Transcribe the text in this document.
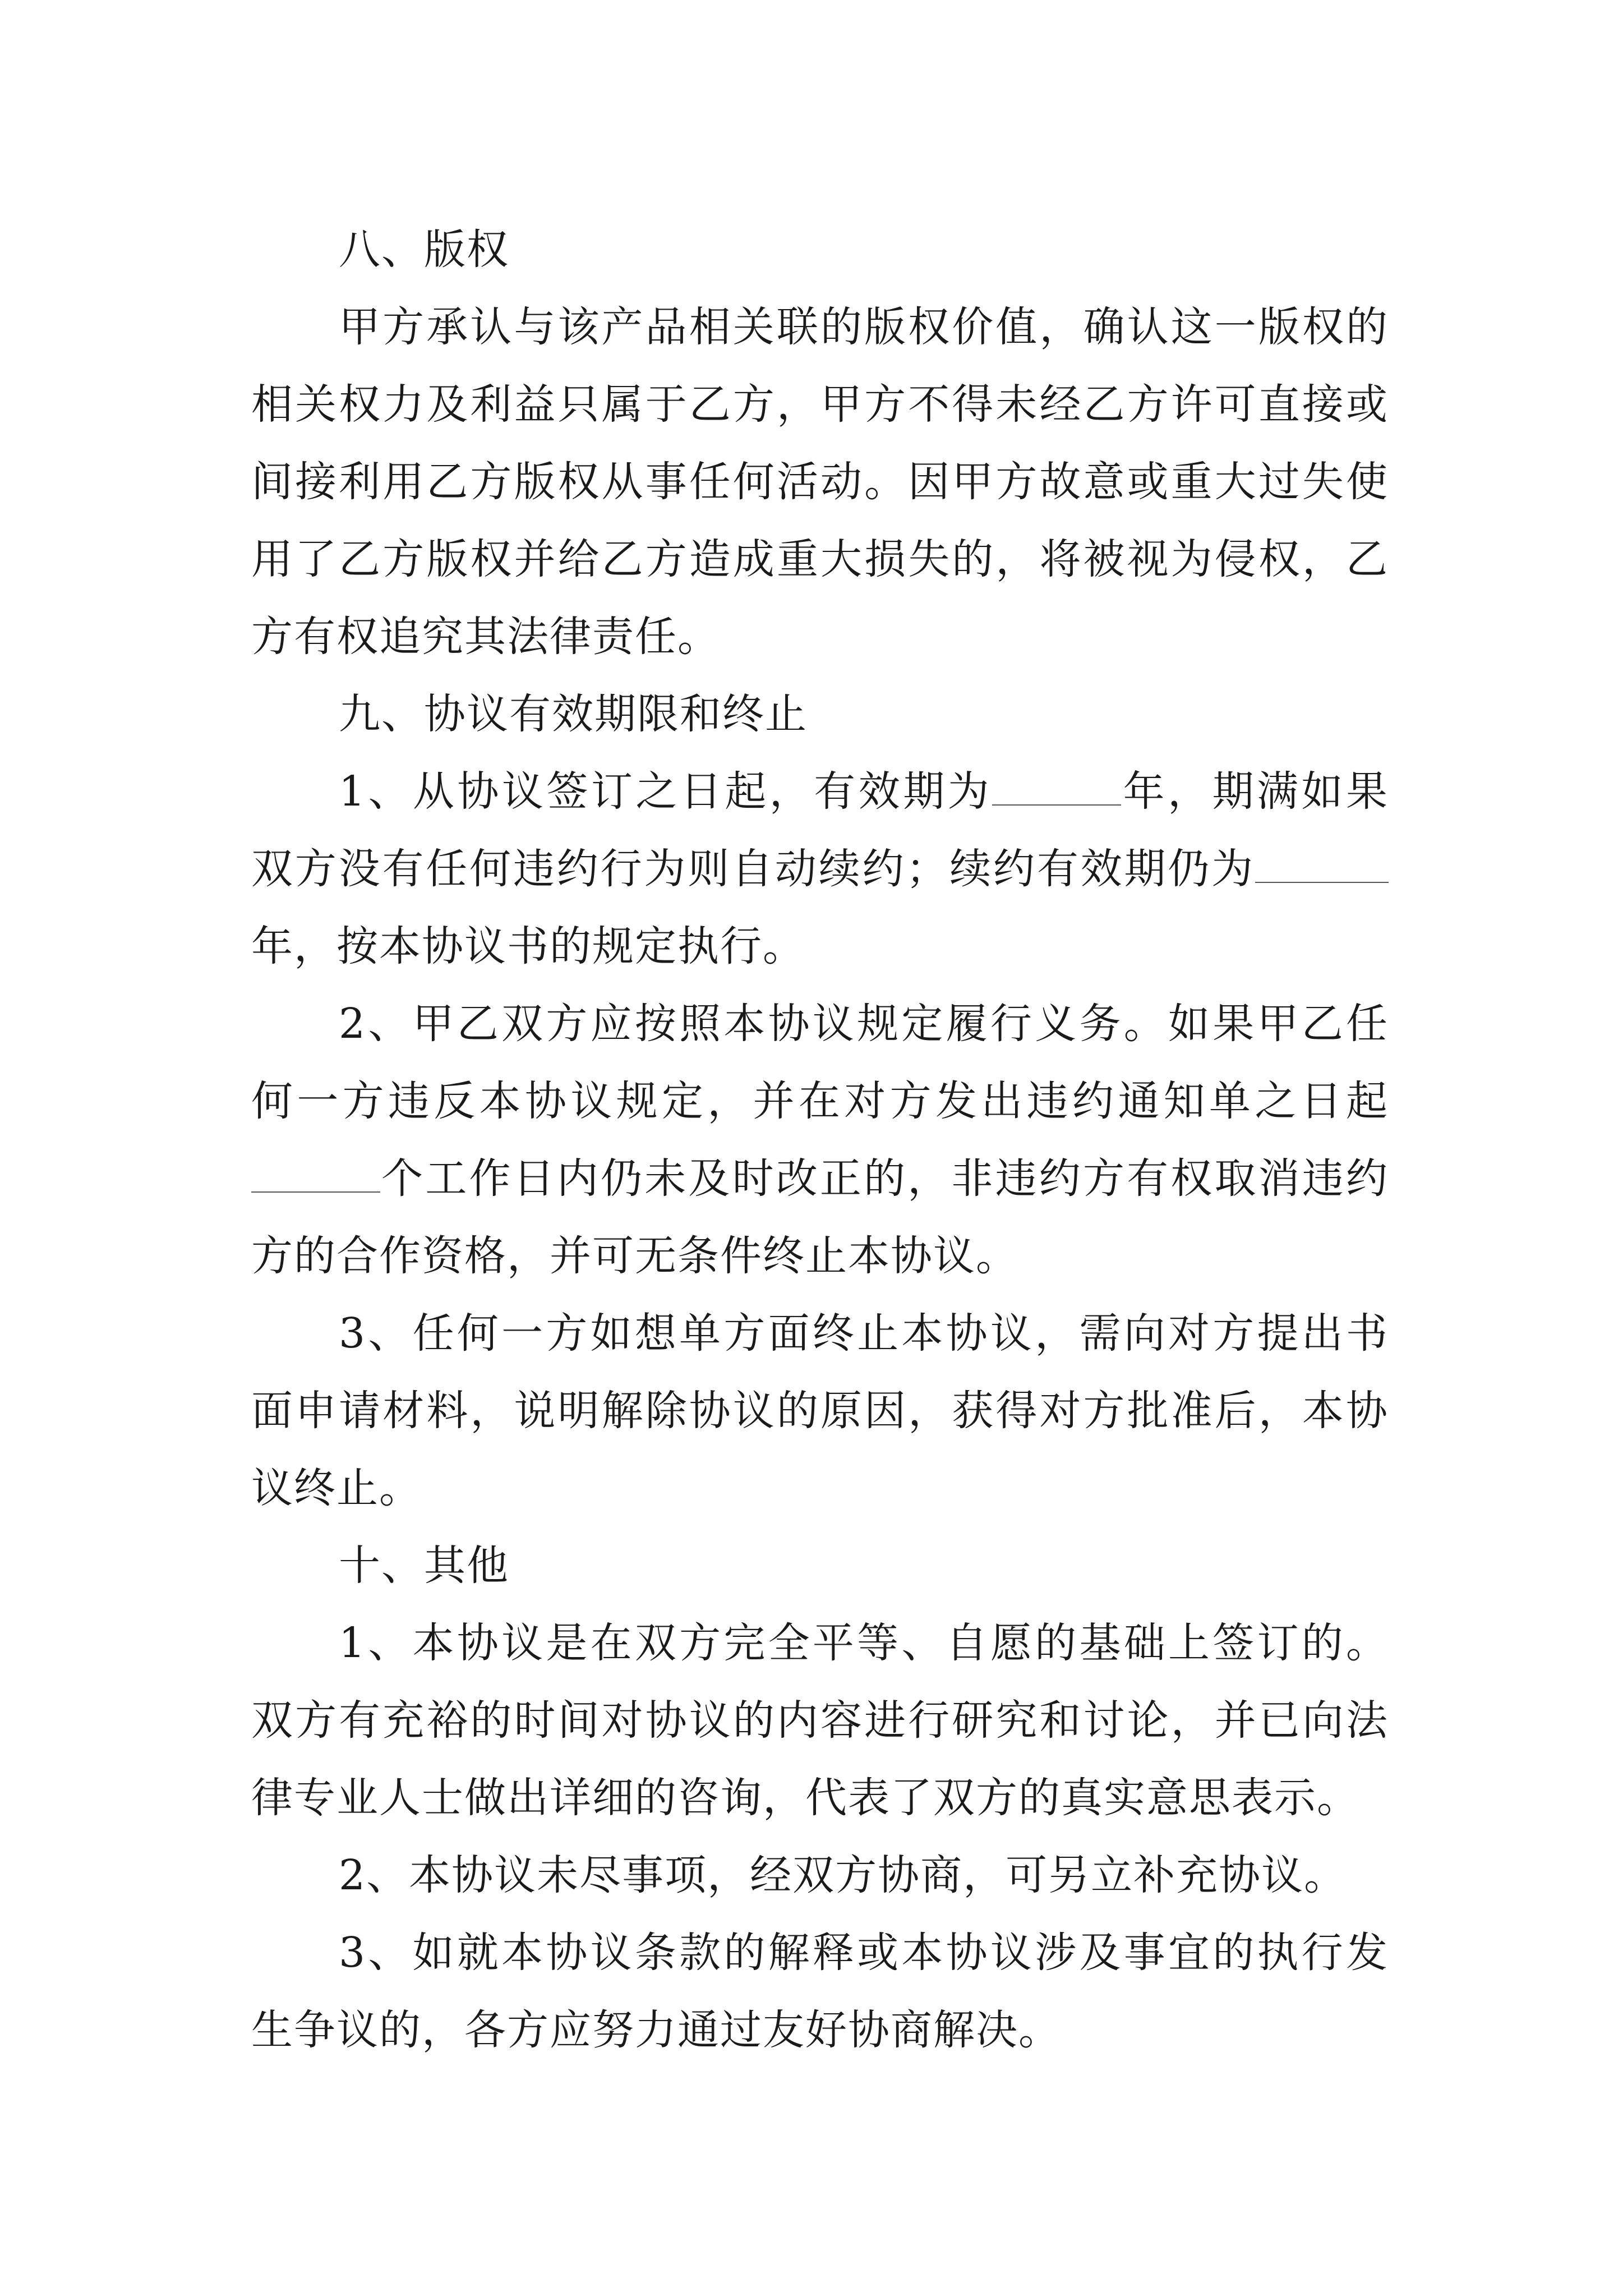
八、版权

甲方承认与该产品相关联的版权价值，确认这一版权的相关权力及利益只属于乙方，甲方不得未经乙方许可直接或间接利用乙方版权从事任何活动。因甲方故意或重大过失使用了乙方版权并给乙方造成重大损失的，将被视为侵权，乙方有权追究其法律责任。

九、协议有效期限和终止

1、从协议签订之日起，有效期为	年，期满如果双方没有任何违约行为则自动续约；续约有效期仍为年，按本协议书的规定执行。

2、甲乙双方应按照本协议规定履行义务。如果甲乙任何一方违反本协议规定，并在对方发出违约通知单之日起个工作日内仍未及时改正的，非违约方有权取消违约方的合作资格，并可无条件终止本协议。

3、任何一方如想单方面终止本协议，需向对方提出书面申请材料，说明解除协议的原因，获得对方批准后，本协议终止。

十、其他

1、本协议是在双方完全平等、自愿的基础上签订的。双方有充裕的时间对协议的内容进行研究和讨论，并已向法律专业人士做出详细的咨询，代表了双方的真实意思表示。

2、本协议未尽事项，经双方协商，可另立补充协议。

3、如就本协议条款的解释或本协议涉及事宜的执行发生争议的，各方应努力通过友好协商解决。
